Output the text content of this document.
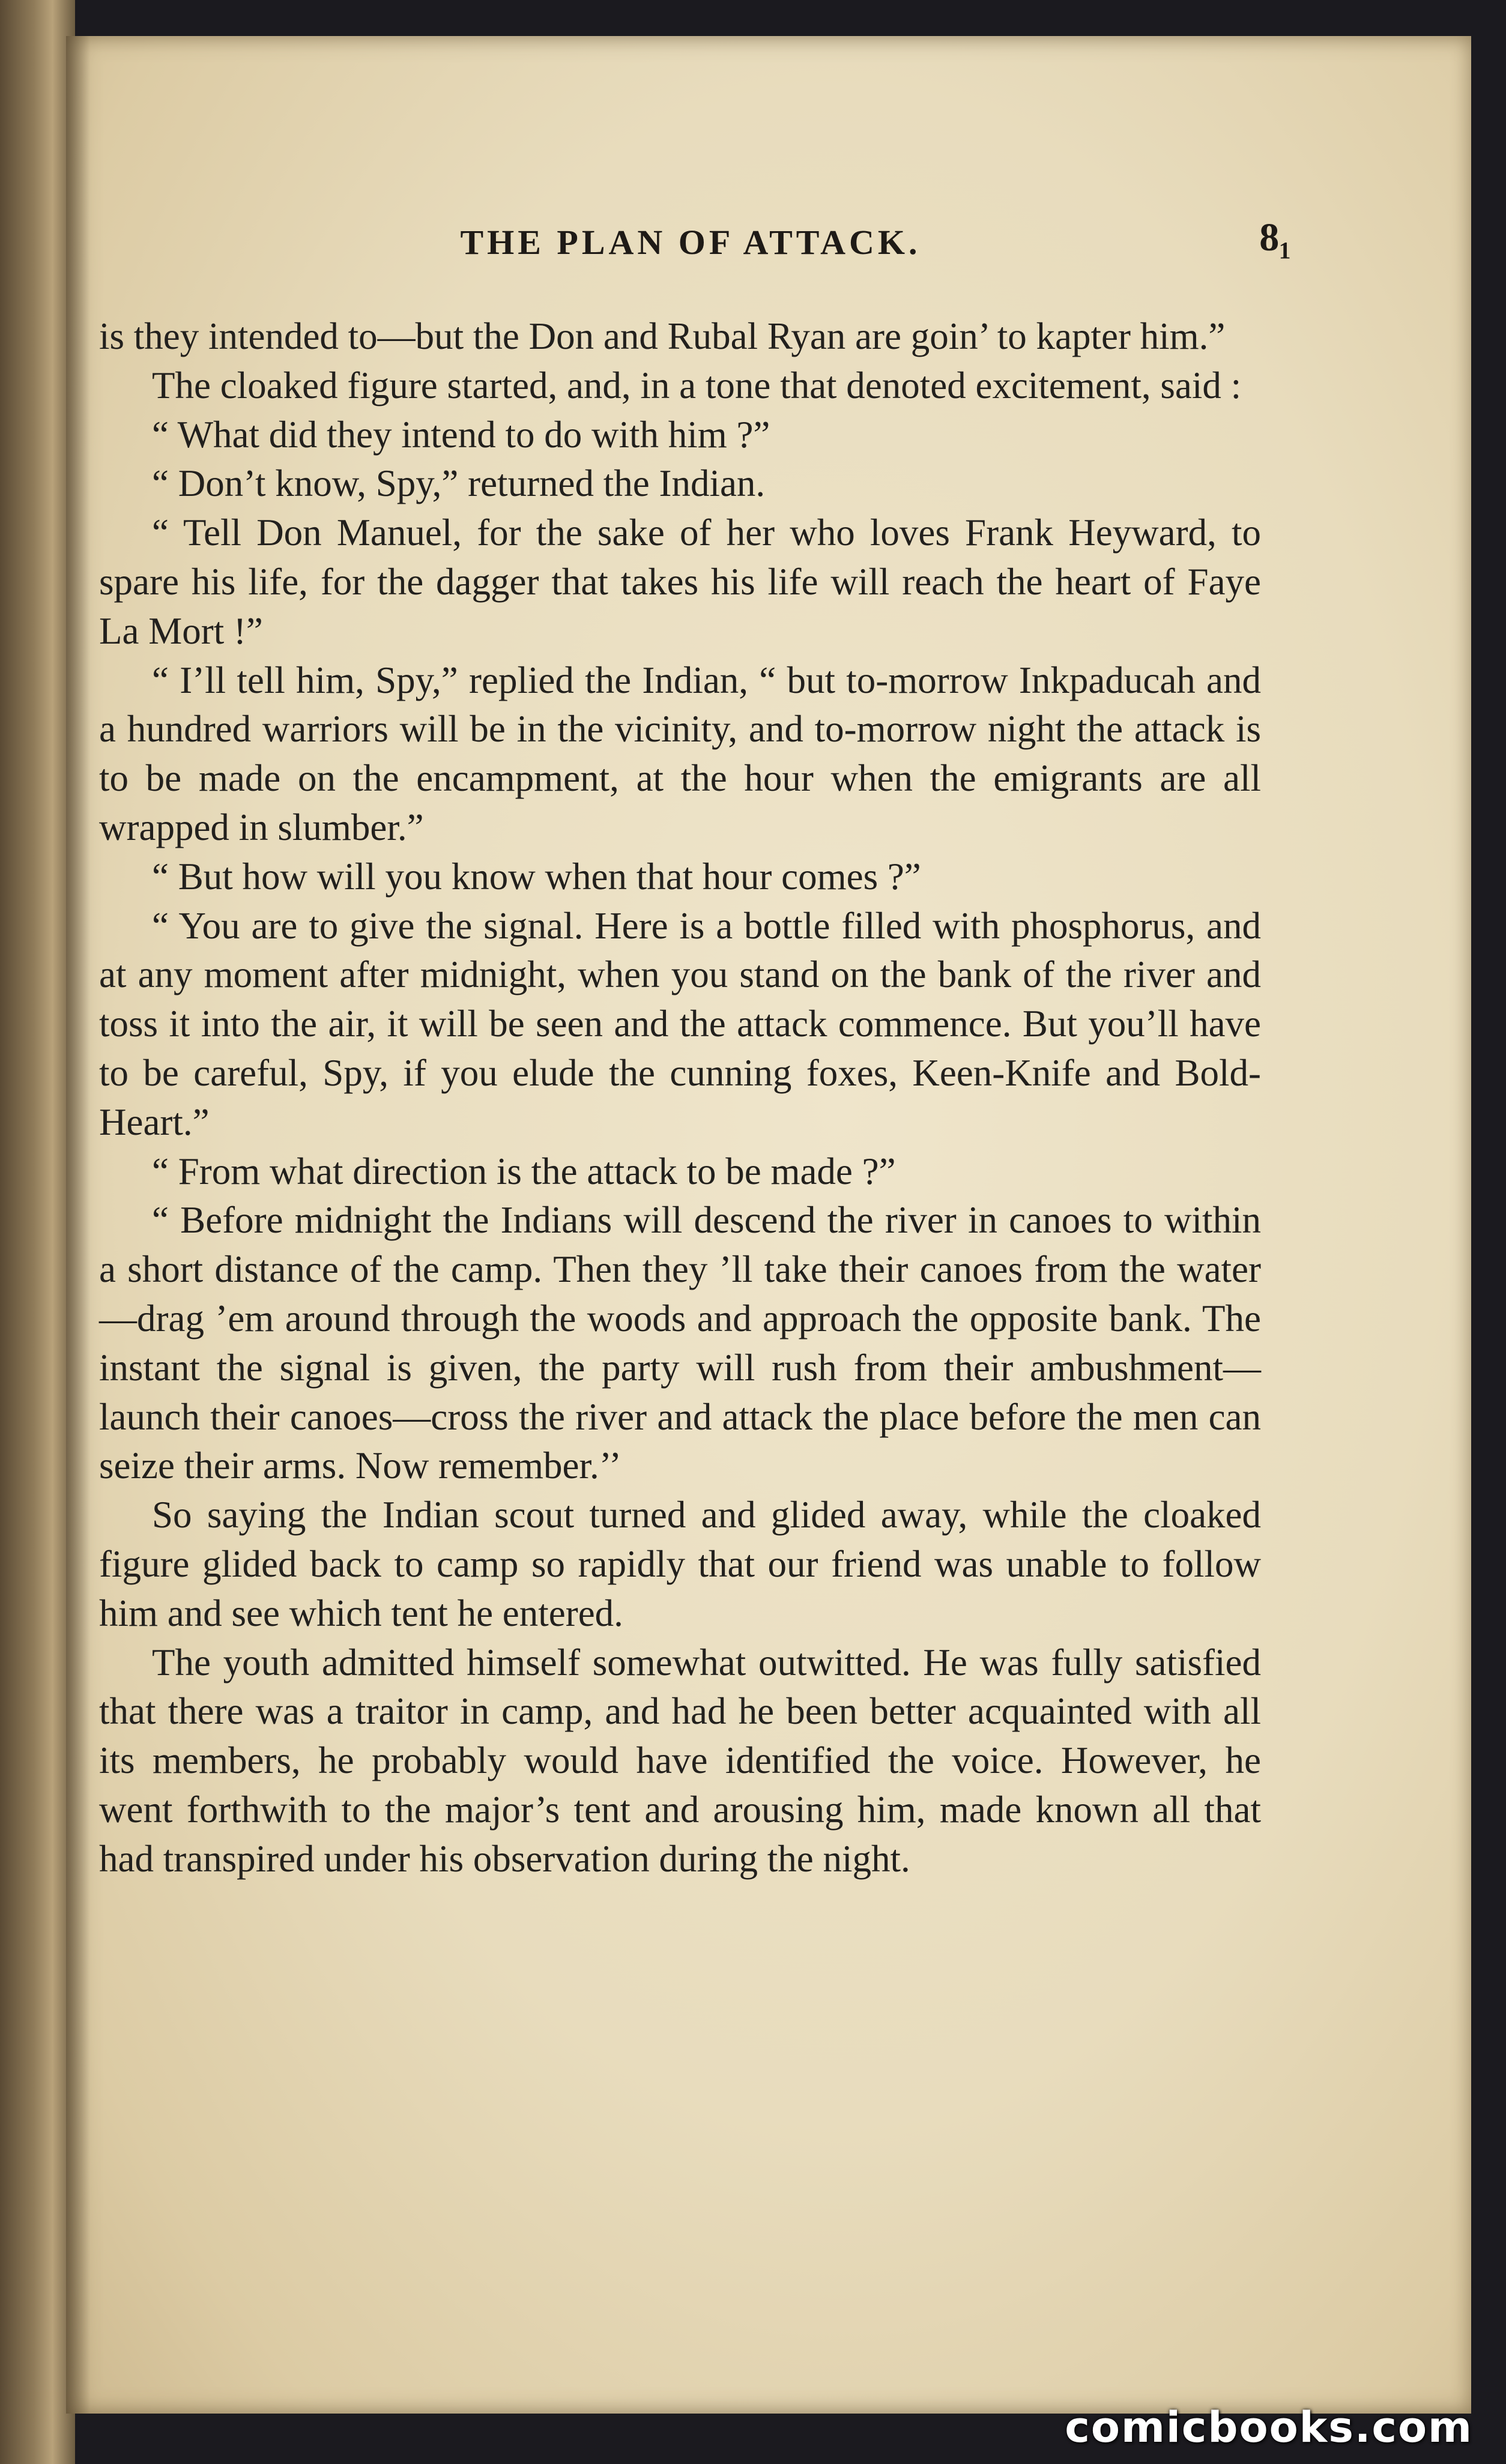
THE PLAN OF ATTACK.	8₁

is they intended to—but the Don and Rubal Ryan are goin’ to kapter him.”

The cloaked figure started, and, in a tone that denoted excitement, said :

“ What did they intend to do with him ?”

“ Don’t know, Spy,” returned the Indian.

“ Tell Don Manuel, for the sake of her who loves Frank Heyward, to spare his life, for the dagger that takes his life will reach the heart of Faye La Mort !”

“ I’ll tell him, Spy,” replied the Indian, “ but to-morrow Inkpaducah and a hundred warriors will be in the vicinity, and to-morrow night the attack is to be made on the encampment, at the hour when the emigrants are all wrapped in slumber.”

“ But how will you know when that hour comes ?”

“ You are to give the signal. Here is a bottle filled with phosphorus, and at any moment after midnight, when you stand on the bank of the river and toss it into the air, it will be seen and the attack commence. But you’ll have to be careful, Spy, if you elude the cunning foxes, Keen-Knife and Bold-Heart.”

“ From what direction is the attack to be made ?”

“ Before midnight the Indians will descend the river in canoes to within a short distance of the camp. Then they ’ll take their canoes from the water—drag ’em around through the woods and approach the opposite bank. The instant the signal is given, the party will rush from their ambushment—launch their canoes—cross the river and attack the place before the men can seize their arms. Now remember.’’

So saying the Indian scout turned and glided away, while the cloaked figure glided back to camp so rapidly that our friend was unable to follow him and see which tent he entered.

The youth admitted himself somewhat outwitted. He was fully satisfied that there was a traitor in camp, and had he been better acquainted with all its members, he probably would have identified the voice. However, he went forthwith to the major’s tent and arousing him, made known all that had transpired under his observation during the night.

comicbooks.com
